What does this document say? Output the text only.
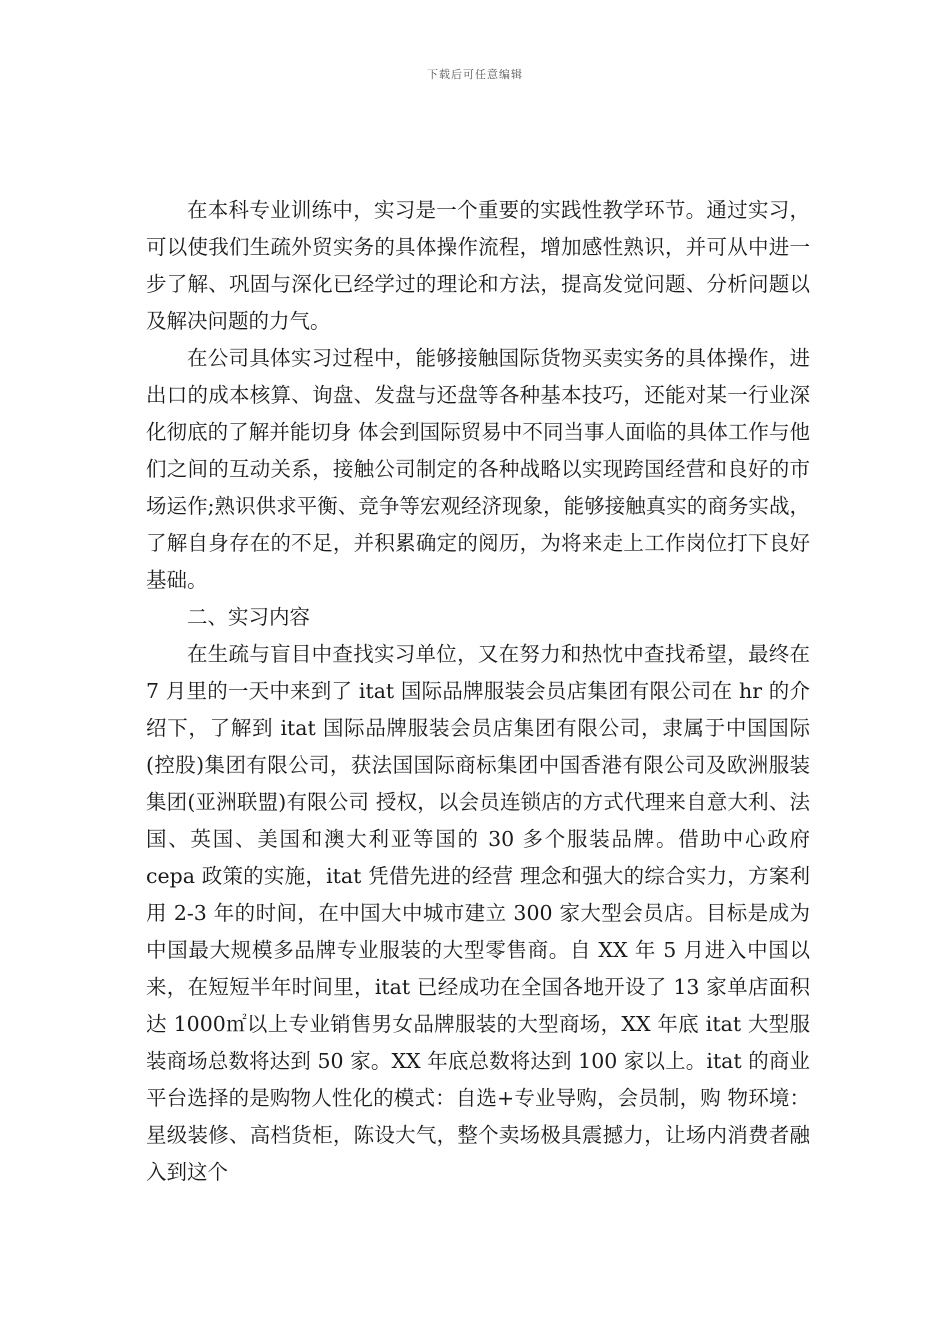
下载后可任意编辑

在本科专业训练中，实习是一个重要的实践性教学环节。通过实习，可以使我们生疏外贸实务的具体操作流程，增加感性熟识，并可从中进一步了解、巩固与深化已经学过的理论和方法，提高发觉问题、分析问题以及解决问题的力气。

在公司具体实习过程中，能够接触国际货物买卖实务的具体操作，进出口的成本核算、询盘、发盘与还盘等各种基本技巧，还能对某一行业深化彻底的了解并能切身 体会到国际贸易中不同当事人面临的具体工作与他们之间的互动关系，接触公司制定的各种战略以实现跨国经营和良好的市场运作;熟识供求平衡、竞争等宏观经济现象，能够接触真实的商务实战，了解自身存在的不足，并积累确定的阅历，为将来走上工作岗位打下良好基础。

二、实习内容

在生疏与盲目中查找实习单位，又在努力和热忱中查找希望，最终在 7 月里的一天中来到了 itat 国际品牌服装会员店集团有限公司在 hr 的介绍下，了解到 itat 国际品牌服装会员店集团有限公司，隶属于中国国际(控股)集团有限公司，获法国国际商标集团中国香港有限公司及欧洲服装集团(亚洲联盟)有限公司 授权，以会员连锁店的方式代理来自意大利、法国、英国、美国和澳大利亚等国的 30 多个服装品牌。借助中心政府 cepa 政策的实施，itat 凭借先进的经营 理念和强大的综合实力，方案利用 2-3 年的时间，在中国大中城市建立 300 家大型会员店。目标是成为中国最大规模多品牌专业服装的大型零售商。自 XX 年 5 月进入中国以来，在短短半年时间里，itat 已经成功在全国各地开设了 13 家单店面积达 1000㎡以上专业销售男女品牌服装的大型商场，XX 年底 itat 大型服装商场总数将达到 50 家。XX 年底总数将达到 100 家以上。itat 的商业平台选择的是购物人性化的模式：自选+专业导购，会员制，购 物环境：星级装修、高档货柜，陈设大气，整个卖场极具震撼力，让场内消费者融入到这个
